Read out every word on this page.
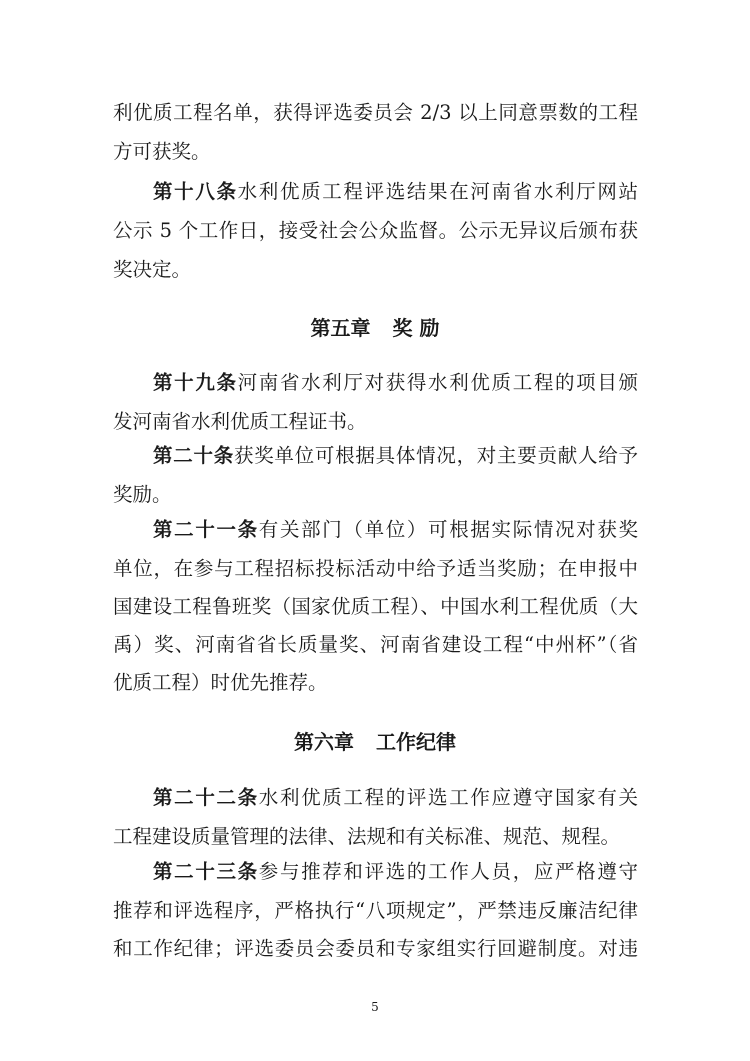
利优质工程名单，获得评选委员会 2/3 以上同意票数的工程
方可获奖。
第十八条水利优质工程评选结果在河南省水利厅网站
公示 5 个工作日，接受社会公众监督。公示无异议后颁布获
奖决定。
第五章 奖 励
第十九条河南省水利厅对获得水利优质工程的项目颁
发河南省水利优质工程证书。
第二十条获奖单位可根据具体情况，对主要贡献人给予
奖励。
第二十一条有关部门（单位）可根据实际情况对获奖
单位，在参与工程招标投标活动中给予适当奖励；在申报中
国建设工程鲁班奖（国家优质工程）、中国水利工程优质（大
禹）奖、河南省省长质量奖、河南省建设工程“中州杯”（省
优质工程）时优先推荐。
第六章 工作纪律
第二十二条水利优质工程的评选工作应遵守国家有关
工程建设质量管理的法律、法规和有关标准、规范、规程。
第二十三条参与推荐和评选的工作人员，应严格遵守
推荐和评选程序，严格执行“八项规定”，严禁违反廉洁纪律
和工作纪律；评选委员会委员和专家组实行回避制度。对违
5
